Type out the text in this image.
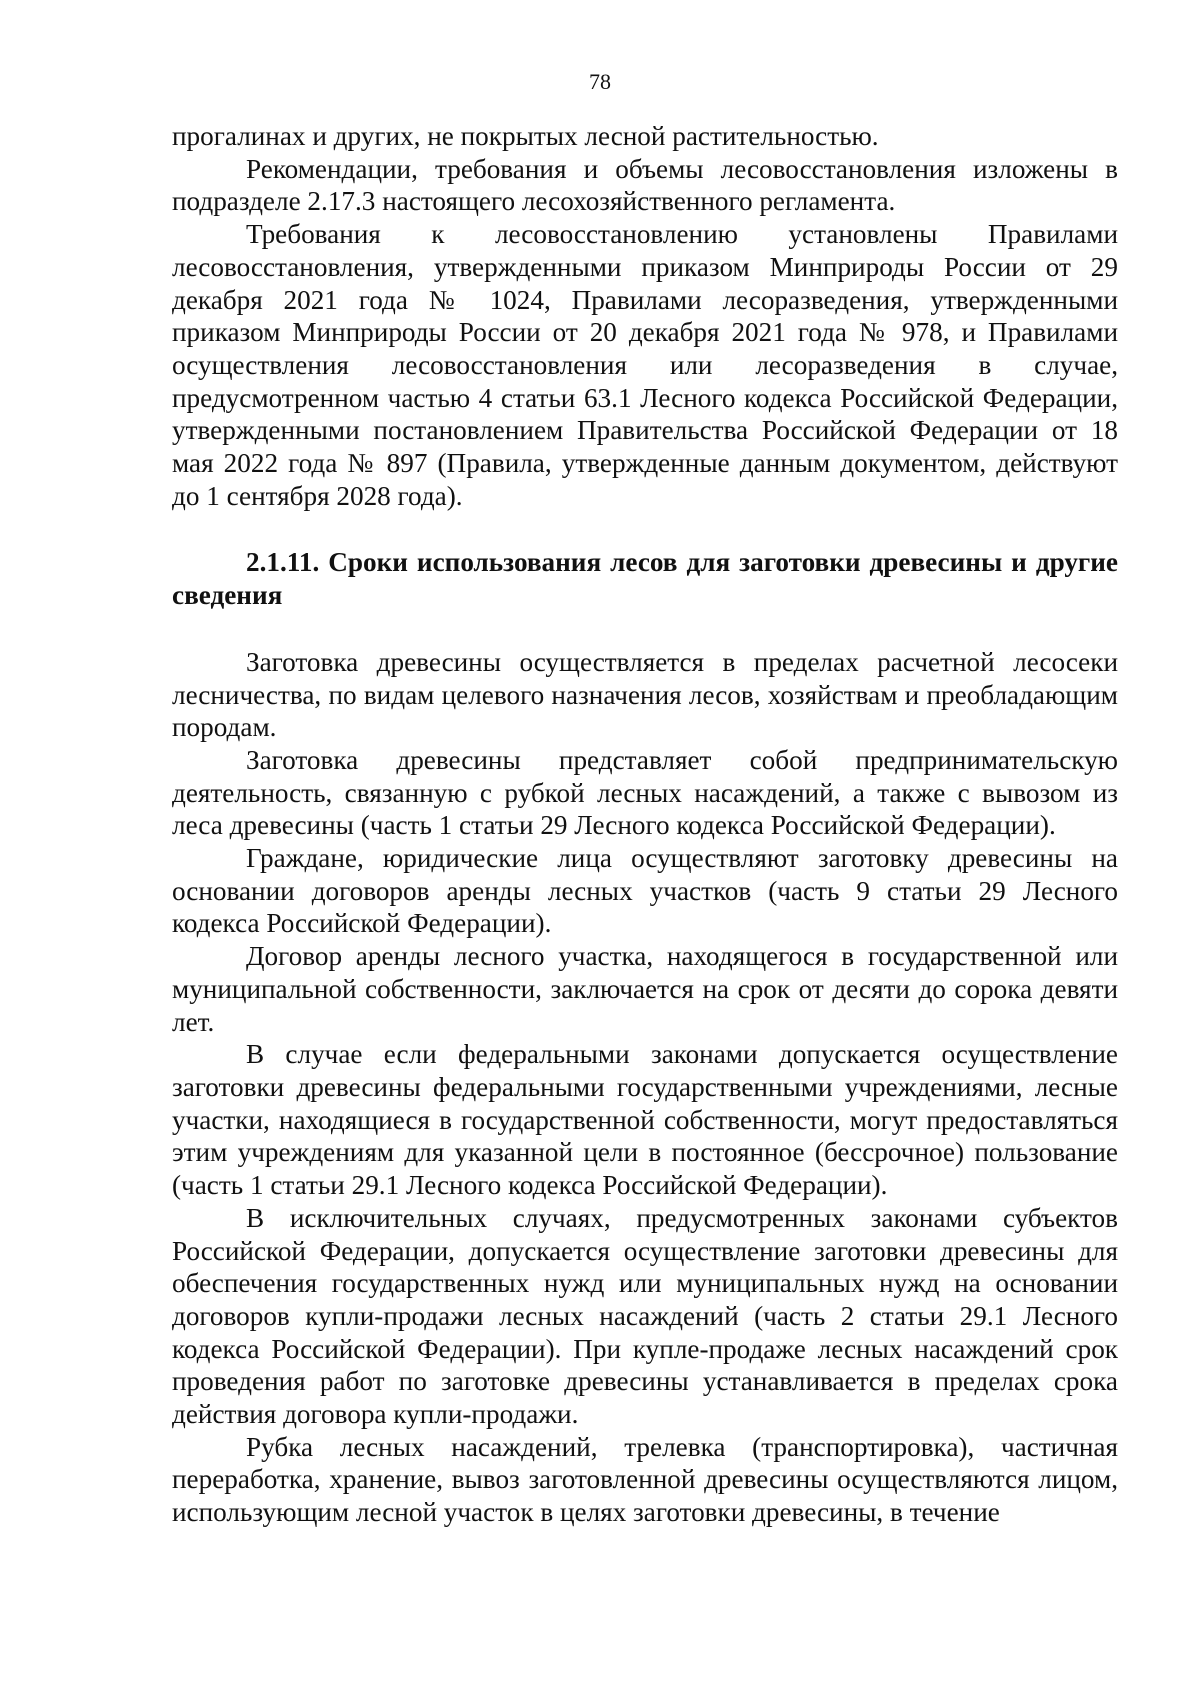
78

прогалинах и других, не покрытых лесной растительностью.

Рекомендации, требования и объемы лесовосстановления изложены в подразделе 2.17.3 настоящего лесохозяйственного регламента.

Требования к лесовосстановлению установлены Правилами лесовосстановления, утвержденными приказом Минприроды России от 29 декабря 2021 года № 1024, Правилами лесоразведения, утвержденными приказом Минприроды России от 20 декабря 2021 года № 978, и Правилами осуществления лесовосстановления или лесоразведения в случае, предусмотренном частью 4 статьи 63.1 Лесного кодекса Российской Федерации, утвержденными постановлением Правительства Российской Федерации от 18 мая 2022 года № 897 (Правила, утвержденные данным документом, действуют до 1 сентября 2028 года).

2.1.11. Сроки использования лесов для заготовки древесины и другие сведения

Заготовка древесины осуществляется в пределах расчетной лесосеки лесничества, по видам целевого назначения лесов, хозяйствам и преобладающим породам.

Заготовка древесины представляет собой предпринимательскую деятельность, связанную с рубкой лесных насаждений, а также с вывозом из леса древесины (часть 1 статьи 29 Лесного кодекса Российской Федерации).

Граждане, юридические лица осуществляют заготовку древесины на основании договоров аренды лесных участков (часть 9 статьи 29 Лесного кодекса Российской Федерации).

Договор аренды лесного участка, находящегося в государственной или муниципальной собственности, заключается на срок от десяти до сорока девяти лет.

В случае если федеральными законами допускается осуществление заготовки древесины федеральными государственными учреждениями, лесные участки, находящиеся в государственной собственности, могут предоставляться этим учреждениям для указанной цели в постоянное (бессрочное) пользование (часть 1 статьи 29.1 Лесного кодекса Российской Федерации).

В исключительных случаях, предусмотренных законами субъектов Российской Федерации, допускается осуществление заготовки древесины для обеспечения государственных нужд или муниципальных нужд на основании договоров купли-продажи лесных насаждений (часть 2 статьи 29.1 Лесного кодекса Российской Федерации). При купле-продаже лесных насаждений срок проведения работ по заготовке древесины устанавливается в пределах срока действия договора купли-продажи.

Рубка лесных насаждений, трелевка (транспортировка), частичная переработка, хранение, вывоз заготовленной древесины осуществляются лицом, использующим лесной участок в целях заготовки древесины, в течение
